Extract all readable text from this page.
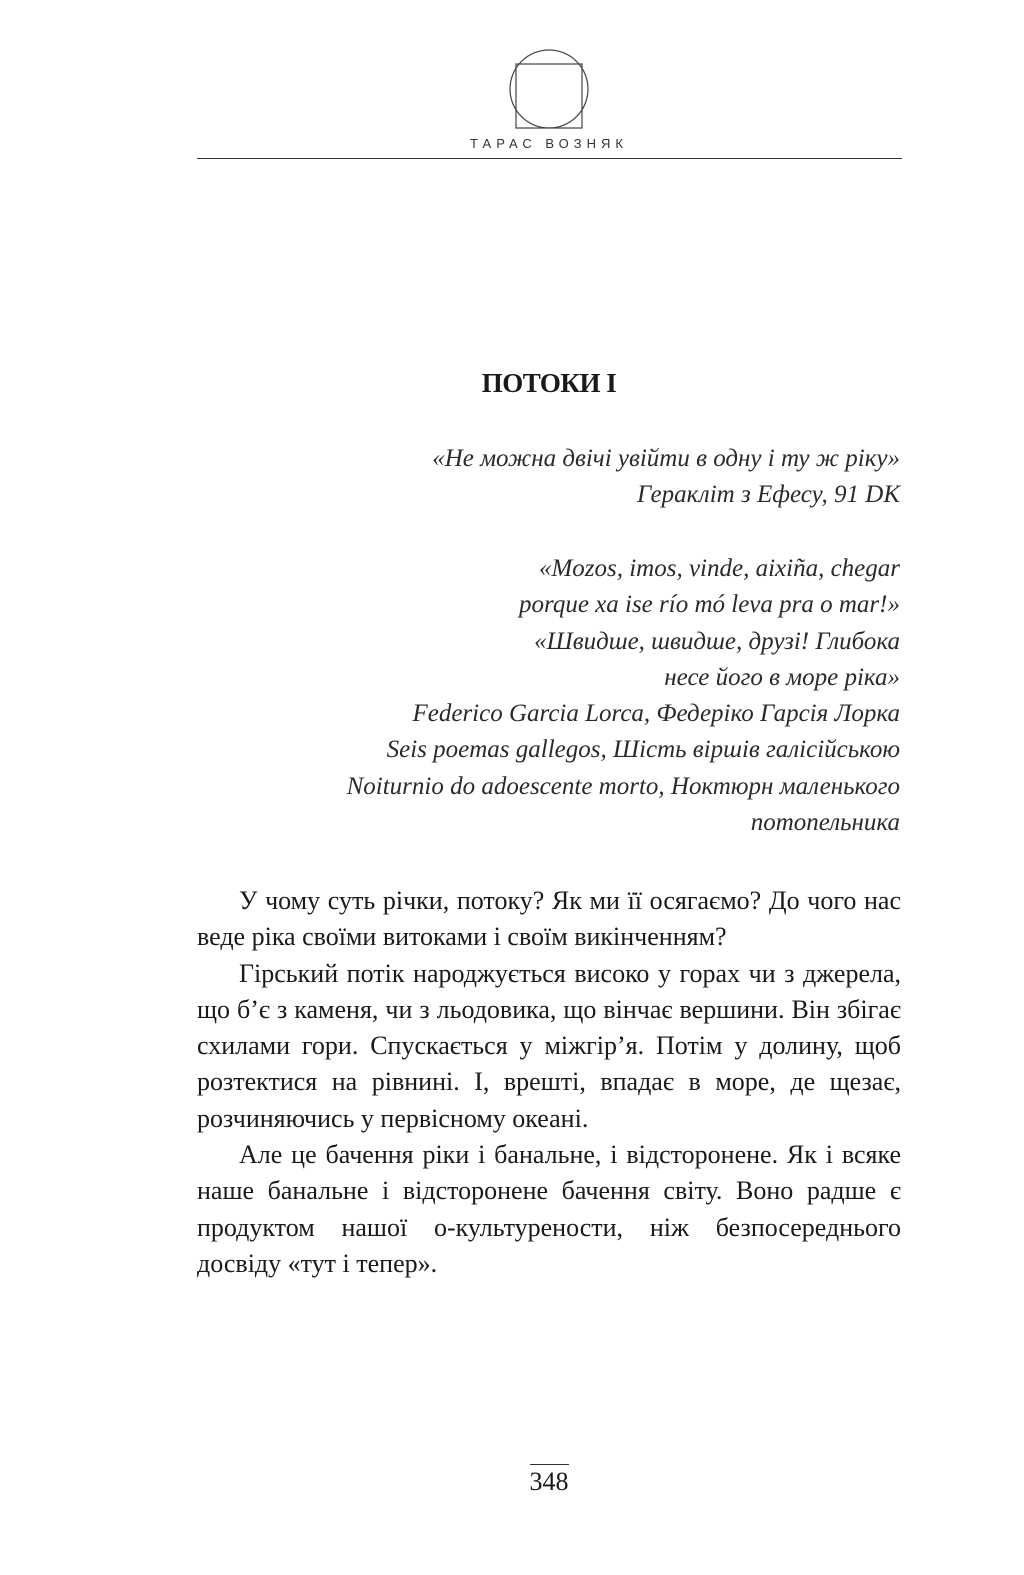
ТАРАС ВОЗНЯК
ПОТОКИ І
«Не можна двічі увійти в одну і ту ж ріку»
Геракліт з Ефесу, 91 DK
«Mozos, imos, vinde, aixiña, chegar
porque xa ise río mó leva pra o mar!»
«Швидше, швидше, друзі! Глибока
несе його в море ріка»
Federico Garcia Lorca, Федеріко Гарсія Лорка
Seis poemas gallegos, Шість віршів галісійською
Noiturnio do adoescente morto, Ноктюрн маленького
потопельника

У чому суть річки, потоку? Як ми її осягаємо? До чого нас веде ріка своїми витоками і своїм викінченням?

Гірський потік народжується високо у горах чи з джерела, що б’є з каменя, чи з льодовика, що вінчає вершини. Він збігає схилами гори. Спускається у міжгір’я. Потім у долину, щоб розтектися на рівнині. І, врешті, впадає в море, де щезає, розчиняючись у первісному океані.

Але це бачення ріки і банальне, і відсторонене. Як і всяке наше банальне і відсторонене бачення світу. Воно радше є продуктом нашої о-культурености, ніж безпосереднього досвіду «тут і тепер».

348
